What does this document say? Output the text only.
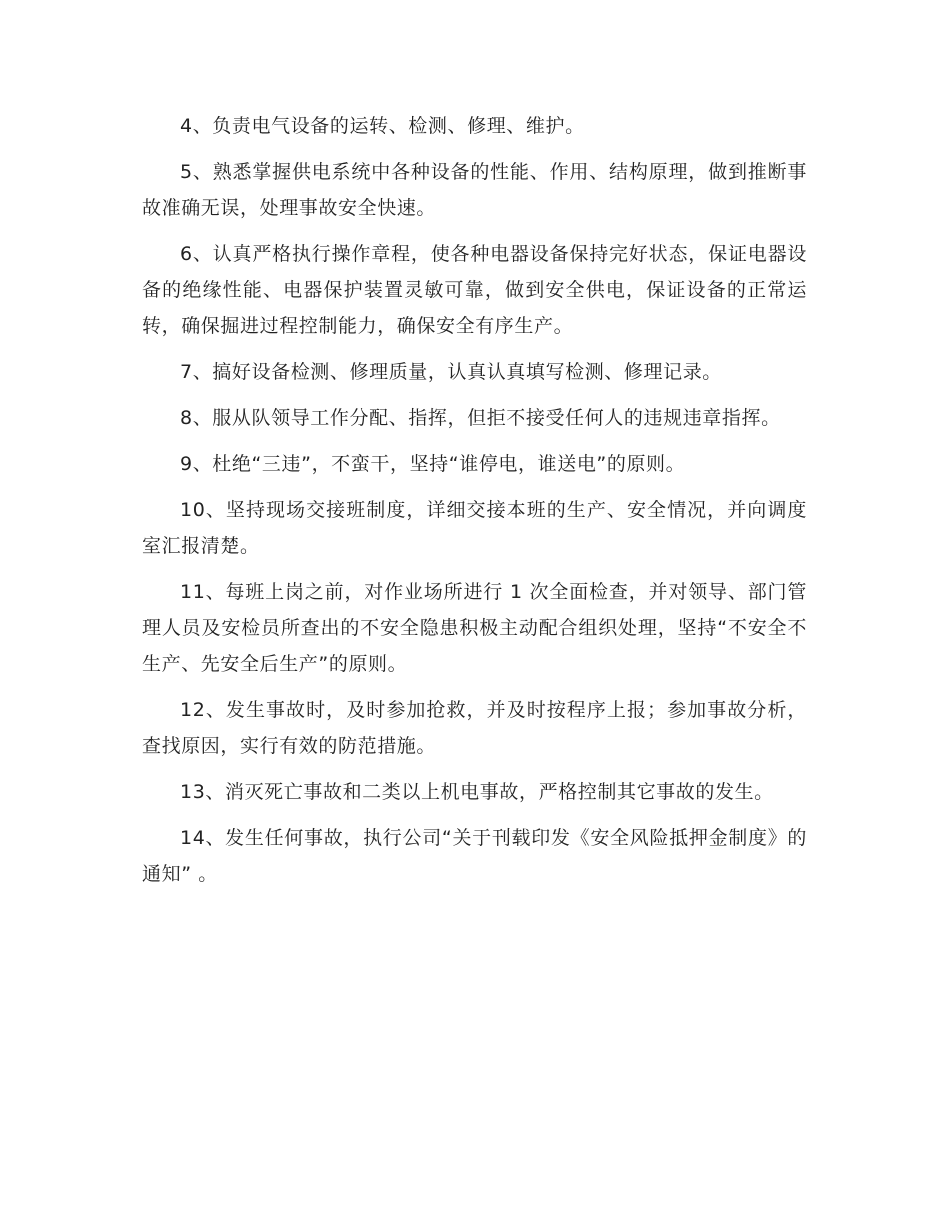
4、负责电气设备的运转、检测、修理、维护。

5、熟悉掌握供电系统中各种设备的性能、作用、结构原理，做到推断事故准确无误，处理事故安全快速。

6、认真严格执行操作章程，使各种电器设备保持完好状态，保证电器设备的绝缘性能、电器保护装置灵敏可靠，做到安全供电，保证设备的正常运转，确保掘进过程控制能力，确保安全有序生产。

7、搞好设备检测、修理质量，认真认真填写检测、修理记录。

8、服从队领导工作分配、指挥，但拒不接受任何人的违规违章指挥。

9、杜绝“三违”，不蛮干，坚持“谁停电，谁送电”的原则。

10、坚持现场交接班制度，详细交接本班的生产、安全情况，并向调度室汇报清楚。

11、每班上岗之前，对作业场所进行 1 次全面检查，并对领导、部门管理人员及安检员所查出的不安全隐患积极主动配合组织处理，坚持“不安全不生产、先安全后生产”的原则。

12、发生事故时，及时参加抢救，并及时按程序上报；参加事故分析，查找原因，实行有效的防范措施。

13、消灭死亡事故和二类以上机电事故，严格控制其它事故的发生。

14、发生任何事故，执行公司“关于刊载印发《安全风险抵押金制度》的通知” 。
